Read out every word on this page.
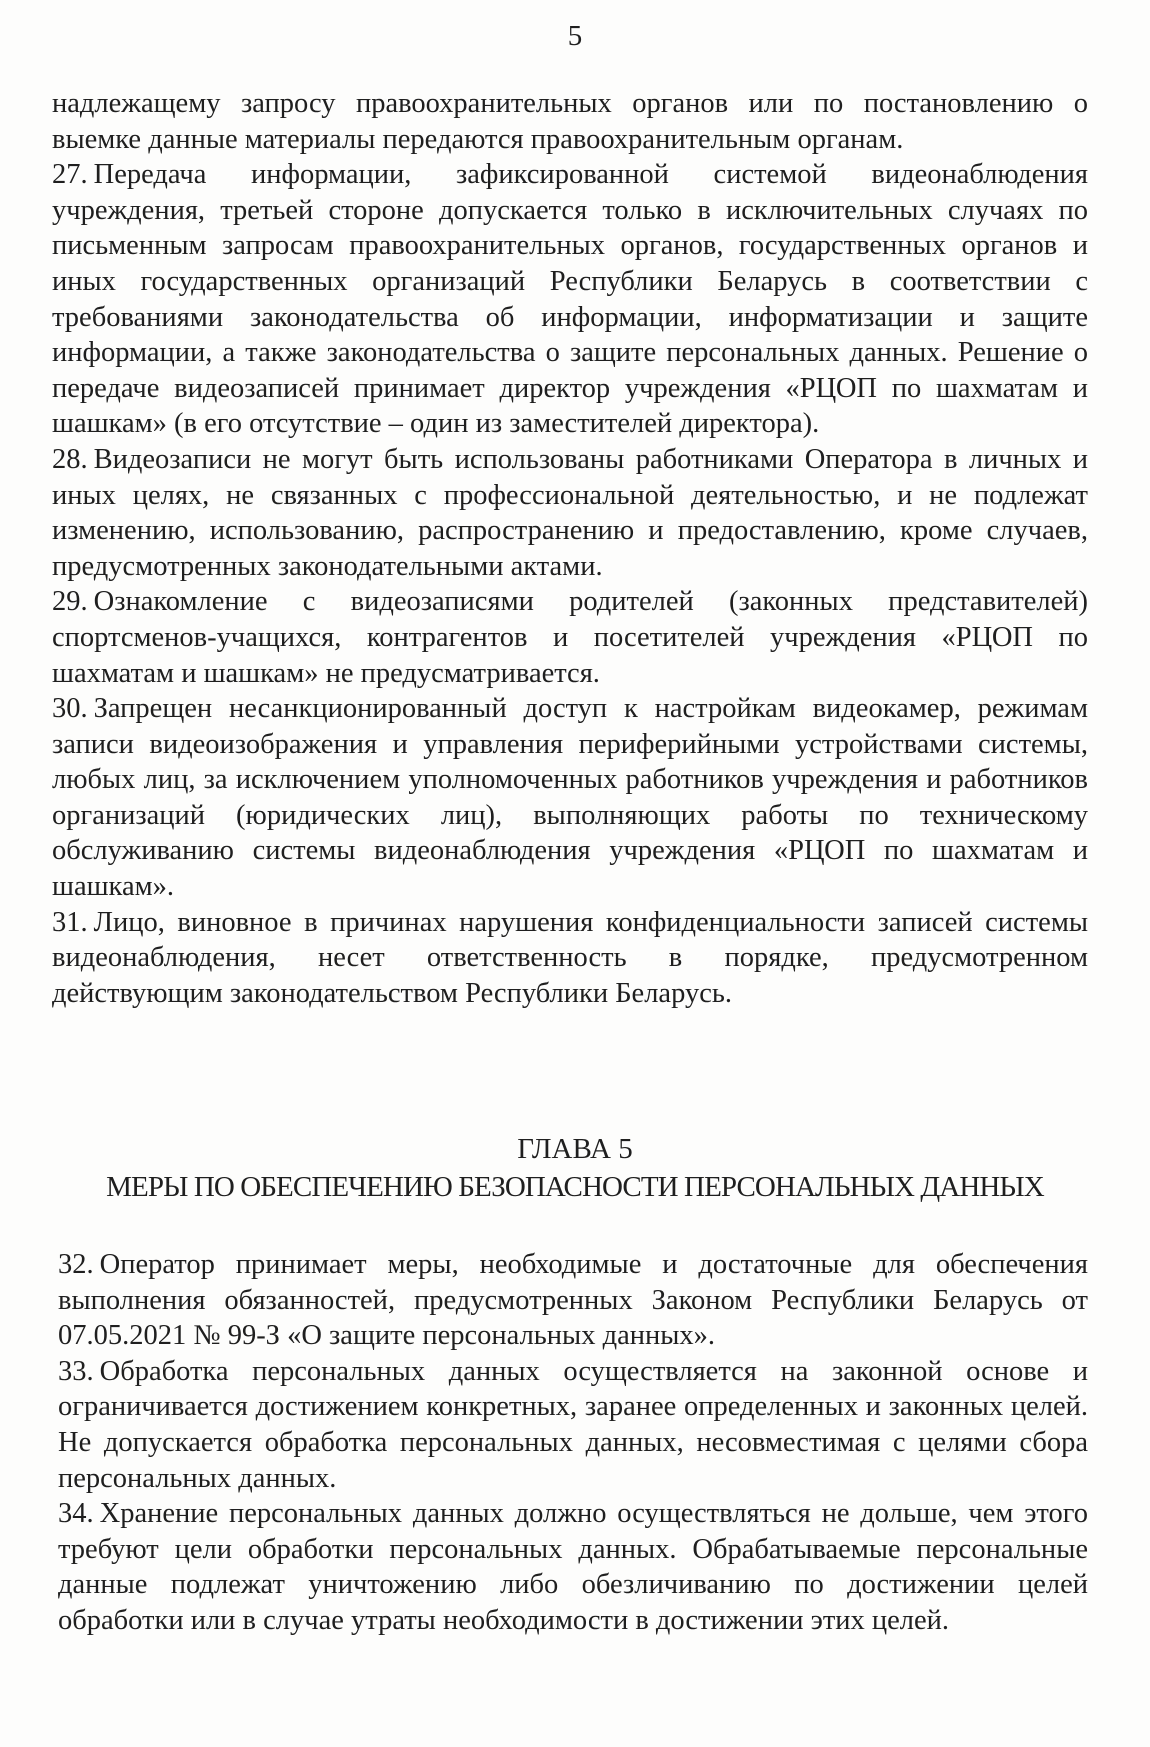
5

надлежащему запросу правоохранительных органов или по постановлению о выемке данные материалы передаются правоохранительным органам.

27. Передача информации, зафиксированной системой видеонаблюдения учреждения, третьей стороне допускается только в исключительных случаях по письменным запросам правоохранительных органов, государственных органов и иных государственных организаций Республики Беларусь в соответствии с требованиями законодательства об информации, информатизации и защите информации, а также законодательства о защите персональных данных. Решение о передаче видеозаписей принимает директор учреждения «РЦОП по шахматам и шашкам» (в его отсутствие – один из заместителей директора).

28. Видеозаписи не могут быть использованы работниками Оператора в личных и иных целях, не связанных с профессиональной деятельностью, и не подлежат изменению, использованию, распространению и предоставлению, кроме случаев, предусмотренных законодательными актами.

29. Ознакомление с видеозаписями родителей (законных представителей) спортсменов-учащихся, контрагентов и посетителей учреждения «РЦОП по шахматам и шашкам» не предусматривается.

30. Запрещен несанкционированный доступ к настройкам видеокамер, режимам записи видеоизображения и управления периферийными устройствами системы, любых лиц, за исключением уполномоченных работников учреждения и работников организаций (юридических лиц), выполняющих работы по техническому обслуживанию системы видеонаблюдения учреждения «РЦОП по шахматам и шашкам».

31. Лицо, виновное в причинах нарушения конфиденциальности записей системы видеонаблюдения, несет ответственность в порядке, предусмотренном действующим законодательством Республики Беларусь.

ГЛАВА 5
МЕРЫ ПО ОБЕСПЕЧЕНИЮ БЕЗОПАСНОСТИ ПЕРСОНАЛЬНЫХ ДАННЫХ

32. Оператор принимает меры, необходимые и достаточные для обеспечения выполнения обязанностей, предусмотренных Законом Республики Беларусь от 07.05.2021 № 99-З «О защите персональных данных».

33. Обработка персональных данных осуществляется на законной основе и ограничивается достижением конкретных, заранее определенных и законных целей. Не допускается обработка персональных данных, несовместимая с целями сбора персональных данных.

34. Хранение персональных данных должно осуществляться не дольше, чем этого требуют цели обработки персональных данных. Обрабатываемые персональные данные подлежат уничтожению либо обезличиванию по достижении целей обработки или в случае утраты необходимости в достижении этих целей.
